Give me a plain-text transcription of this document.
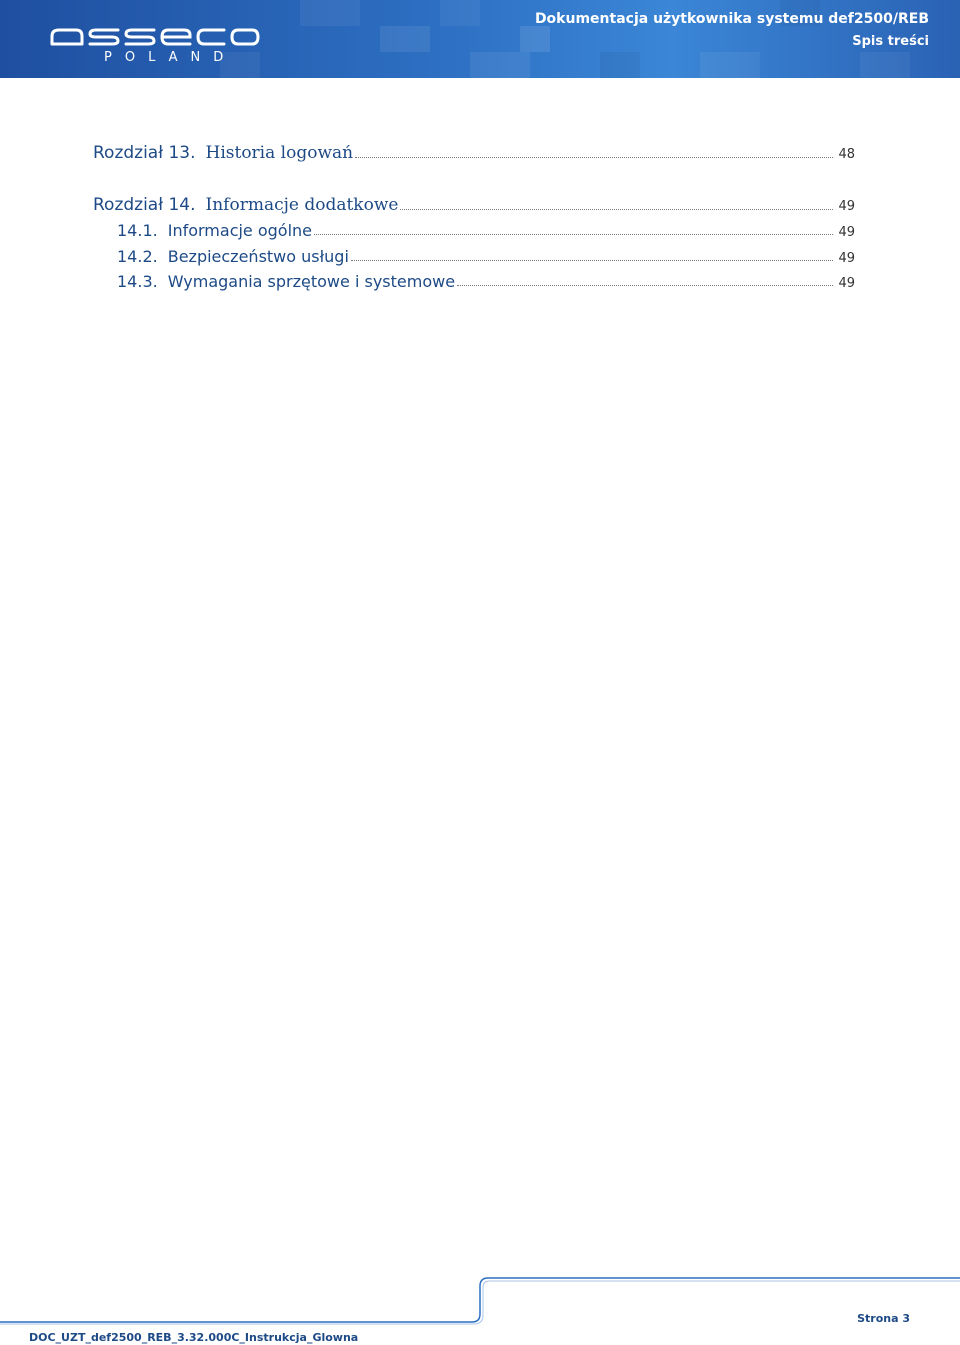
POLAND
Dokumentacja użytkownika systemu def2500/REB
Spis treści
Rozdział 13. Historia logowań	48
Rozdział 14. Informacje dodatkowe	49
14.1. Informacje ogólne	49
14.2. Bezpieczeństwo usługi	49
14.3. Wymagania sprzętowe i systemowe	49
Strona 3
DOC_UZT_def2500_REB_3.32.000C_Instrukcja_Glowna
